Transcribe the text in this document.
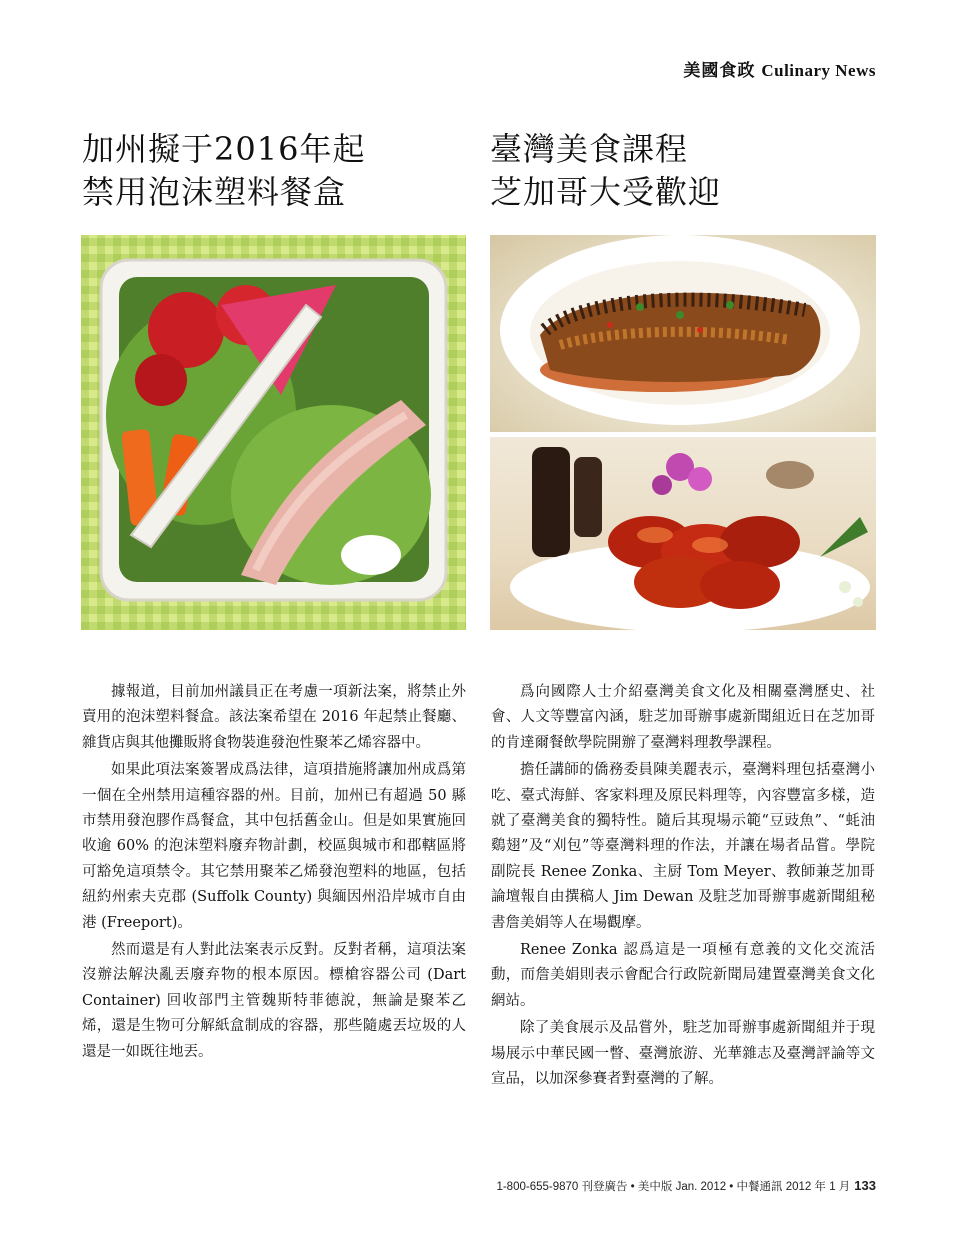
美國食政 Culinary News
加州擬于2016年起
禁用泡沫塑料餐盒
臺灣美食課程
芝加哥大受歡迎

據報道，目前加州議員正在考慮一項新法案，將禁止外賣用的泡沫塑料餐盒。該法案希望在 2016 年起禁止餐廳、雜貨店與其他攤販將食物裝進發泡性聚苯乙烯容器中。

如果此項法案簽署成爲法律，這項措施將讓加州成爲第一個在全州禁用這種容器的州。目前，加州已有超過 50 縣市禁用發泡膠作爲餐盒，其中包括舊金山。但是如果實施回收逾 60% 的泡沫塑料廢弃物計劃，校區與城市和郡轄區將可豁免這項禁令。其它禁用聚苯乙烯發泡塑料的地區，包括紐約州索夫克郡 (Suffolk County) 與緬因州沿岸城市自由港 (Freeport)。

然而還是有人對此法案表示反對。反對者稱，這項法案沒辦法解決亂丟廢弃物的根本原因。標槍容器公司 (Dart Container) 回收部門主管魏斯特菲德說，無論是聚苯乙烯，還是生物可分解紙盒制成的容器，那些隨處丟垃圾的人還是一如既往地丟。

爲向國際人士介紹臺灣美食文化及相關臺灣歷史、社會、人文等豐富內涵，駐芝加哥辦事處新聞組近日在芝加哥的肯達爾餐飲學院開辦了臺灣料理教學課程。

擔任講師的僑務委員陳美麗表示，臺灣料理包括臺灣小吃、臺式海鮮、客家料理及原民料理等，內容豐富多樣，造就了臺灣美食的獨特性。隨后其現場示範“豆豉魚”、“蚝油鷄翅”及“刈包”等臺灣料理的作法，并讓在場者品嘗。學院副院長 Renee Zonka、主厨 Tom Meyer、教師兼芝加哥論壇報自由撰稿人 Jim Dewan 及駐芝加哥辦事處新聞組秘書詹美娟等人在場觀摩。

Renee Zonka 認爲這是一項極有意義的文化交流活動，而詹美娟則表示會配合行政院新聞局建置臺灣美食文化網站。

除了美食展示及品嘗外，駐芝加哥辦事處新聞組并于現場展示中華民國一瞥、臺灣旅游、光華雜志及臺灣評論等文宣品，以加深參賽者對臺灣的了解。

1-800-655-9870 刊登廣告 • 美中版 Jan. 2012 • 中餐通訊 2012 年 1 月 133
